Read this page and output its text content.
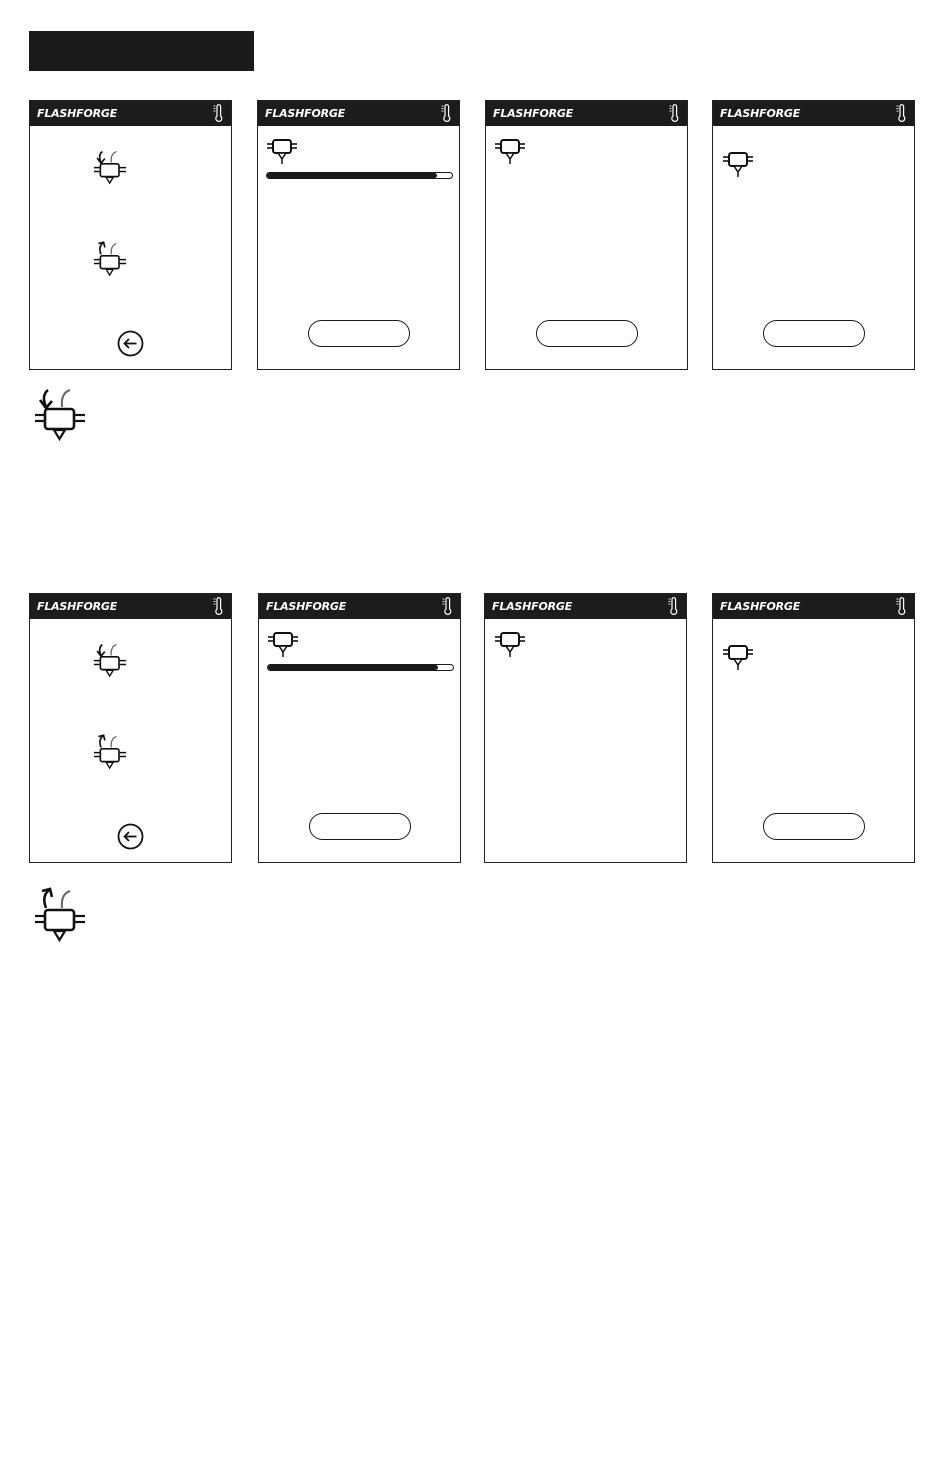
FLASHFORGE	FLASHFORGE	FLASHFORGE	FLASHFORGE
FLASHFORGE	FLASHFORGE	FLASHFORGE	FLASHFORGE
